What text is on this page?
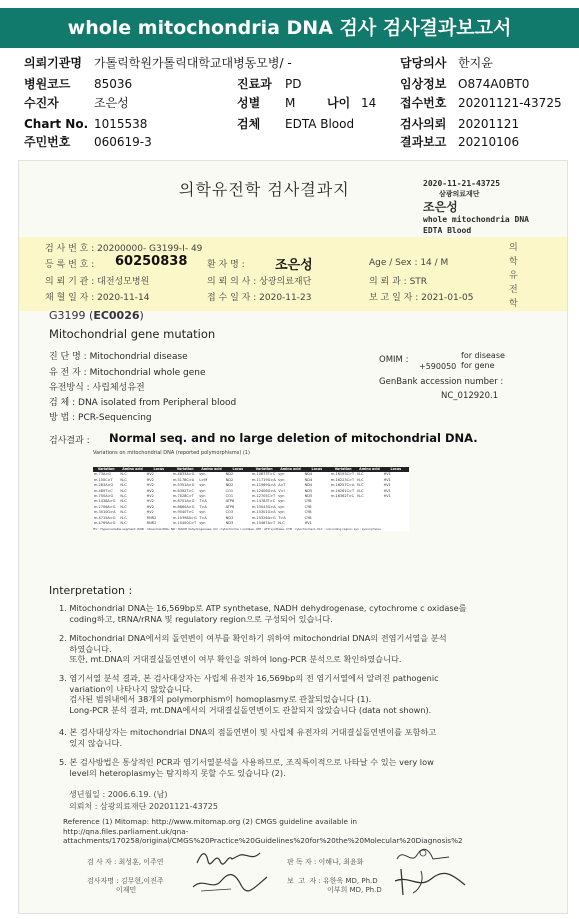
whole mitochondria DNA 검사 검사결과보고서
의뢰기관명 가톨릭학원가톨릭대학교대병동모병/ -	담당의사 한지윤
병원코드 85036	진료과 PD	임상정보 O874A0BT0
수진자	조은성	성별 M	나이 14 접수번호 20201121-43725
Chart No. 1015538	검체 EDTA Blood	검사의뢰 20201121
주민번호 060619-3	결과보고 20210106
의학유전학 검사결과지	2020-11-21-43725
삼광의료재단
조은성
whole mitochondria DNA
EDTA Blood
의학유전학
검 사 번 호 : 20200000- G3199-I- 49
등 록 번 호 : 60250838 환 자 명 : 조은성	Age / Sex : 14 / M
의 뢰 기 관 : 대전성모병원	의 뢰 의 사 : 상광의료재단	의 뢰 과 : STR
채 혈 일 자 : 2020-11-14	접 수 일 자 : 2020-11-23	보 고 일 자 : 2021-01-05
G3199 (EC0026)
Mitochondrial gene mutation
진 단 명 : Mitochondrial disease
유 전 자 : Mitochondrial whole gene
유전방식 : 사립체성유전
검 체 : DNA isolated from Peripheral blood
방 법 : PCR-Sequencing
OMIM :	for disease
+590050 for gene
GenBank accession number :
NC_012920.1
검사결과 : Normal seq. and no large deletion of mitochondrial DNA.
Variations on mitochondrial DNA (reported polymorphisms) (1)
Variation	Amino acid	Locus	Variation	Amino acid	Locus	Variation	Amino acid	Locus	Variation	Amino acid	Locus
m.73A>G	N-C	HV2	m.4833A>G	syn	ND2	m.10873T>C	syn	ND4	m.16193C>T	N-C	HV1
m.150C>T	N-C	HV2	m.5178C>A	L>M	ND2	m.11719G>A	syn	ND4	m.16223C>T	N-C	HV1
m.263A>G	N-C	HV2	m.5351A>G	syn	ND2	m.11969G>A	A>T	ND4	m.16257C>A	N-C	HV1
m.489T>C	N-C	HV2	m.6392T>C	syn	CO1	m.12406G>A	V>I	ND5	m.16261C>T	N-C	HV1
m.750A>G	N-C	HV2	m.7028C>T	syn	CO1	m.12705C>T	syn	ND5	m.16362T>C	N-C	HV1
m.1438A>G	N-C	HV2	m.8701A>G	T>A	ATP6	m.14783T>C	syn	CYB			
m.2706A>G	N-C	HV2	m.8860A>G	T>A	ATP6	m.15043G>A	syn	CYB			
m.3010G>A	N-C	HV2	m.9540T>C	syn	CO3	m.15301G>A	syn	CYB			
m.4715A>G	N-C	RNR2	m.10398A>G	T>A	ND3	m.15326A>G	T>A	CYB			
m.4769A>G	N-C	RNR2	m.10400C>T	syn	ND3	m.15487A>T	N-C	HV1			
HV : Hypervariable segment, RNR : ribosomal RNA, ND : NADH dehydrogenase, CO : Cytochrome c oxidase, ATP : ATP synthase, CYB : cytochrome b, N-C : noncoding region, syn : synonymous
Interpretation :
1. Mitochondrial DNA는 16,569bp로 ATP synthetase, NADH dehydrogenase, cytochrome c oxidase를
coding하고, tRNA/rRNA 및 regulatory region으로 구성되어 있습니다.
2. Mitochondrial DNA에서의 돌연변이 여부를 확인하기 위하여 mitochondrial DNA의 전염기서열을 분석
하였습니다.
또한, mt.DNA의 거대결실돌연변이 여부 확인을 위하여 long-PCR 분석으로 확인하였습니다.
3. 염기서열 분석 결과, 본 검사대상자는 사립체 유전자 16,569bp의 전 염기서열에서 알려진 pathogenic
variation이 나타나지 않았습니다.
검사된 범위내에서 38개의 polymorphism이 homoplasmy로 관찰되었습니다 (1).
Long-PCR 분석 결과, mt.DNA에서의 거대결실돌연변이도 관찰되지 않았습니다 (data not shown).
4. 본 검사대상자는 mitochondrial DNA의 점돌연변이 및 사립체 유전자의 거대결실돌연변이를 포함하고
있지 않습니다.
5. 본 검사방법은 통상적인 PCR과 염기서열분석을 사용하므로, 조직특이적으로 나타날 수 있는 very low
level의 heteroplasmy는 탐지하지 못할 수도 있습니다 (2).
생년월일 : 2006.6.19. (남)
의뢰처 : 삼광의료재단 20201121-43725
Reference (1) Mitomap: http://www.mitomap.org (2) CMGS guideline available in
http://qna.files.parliament.uk/qna-
attachments/170258/original/CMGS%20Practice%20Guidelines%20for%20the%20Molecular%20Diagnosis%2
검 사 자 : 최성훈, 이주연	판 독 자 : 이해나, 최윤화
검사자명 : 김무현,이진주
이재민
보  고  자 : 유한욱 MD, Ph.D
이부희 MD, Ph.D
